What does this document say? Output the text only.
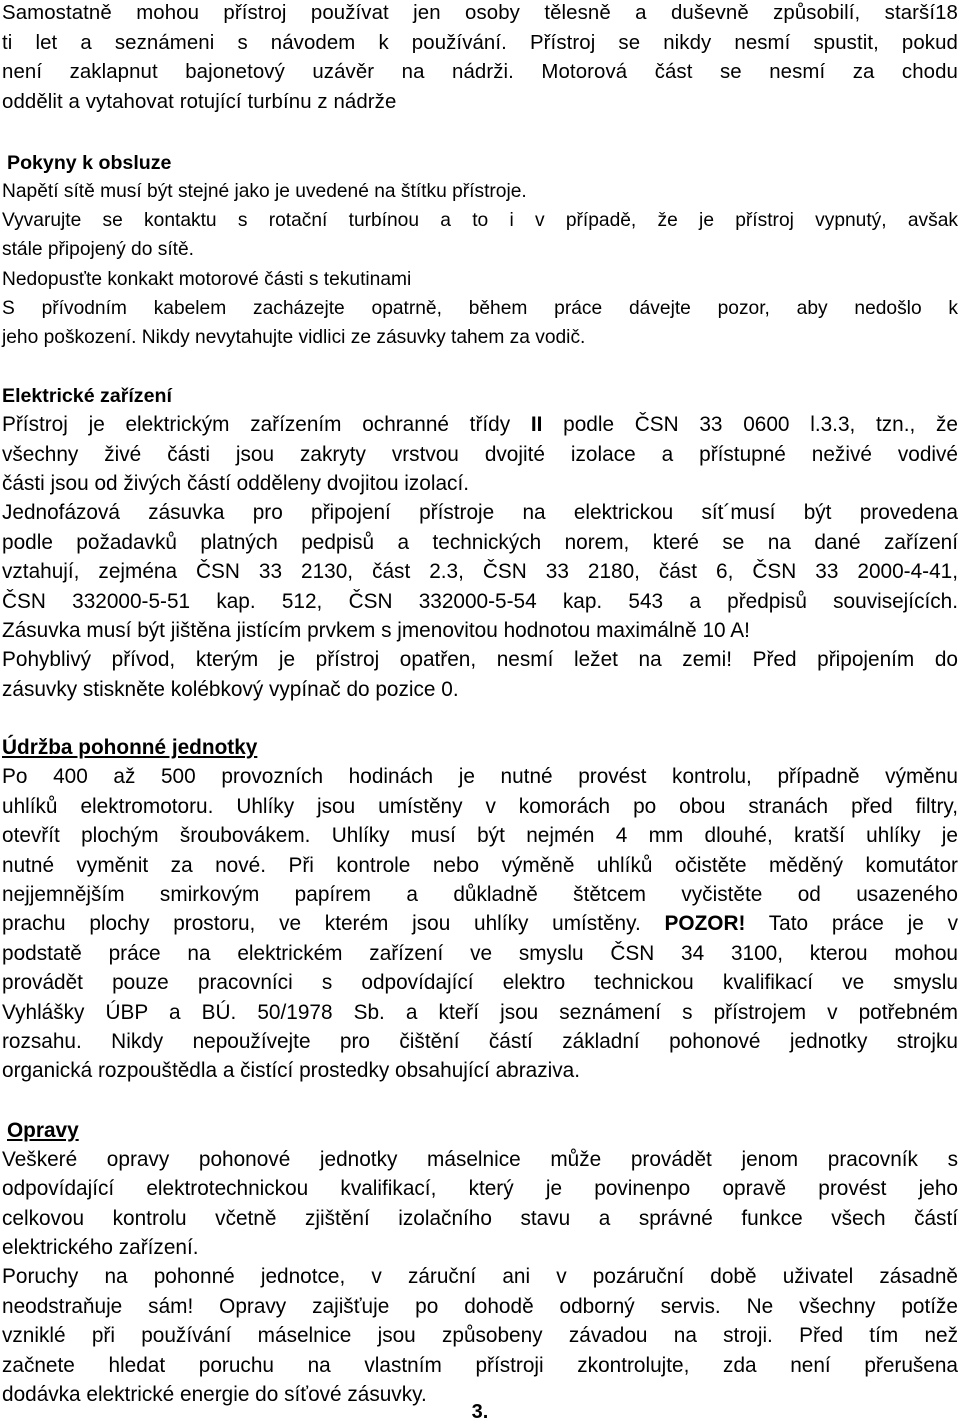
Samostatně mohou přístroj používat jen osoby tělesně a duševně způsobilí, starší18
ti let a seznámeni s návodem k používání. Přístroj se nikdy nesmí spustit, pokud
není zaklapnut bajonetový uzávěr na nádrži. Motorová část se nesmí za chodu
oddělit a vytahovat rotující turbínu z nádrže
Pokyny k obsluze
Napětí sítě musí být stejné jako je uvedené na štítku přístroje.
Vyvarujte se kontaktu s rotační turbínou a to i v případě, že je přístroj vypnutý, avšak
stále připojený do sítě.
Nedopusťte konkakt motorové části s tekutinami
S přívodním kabelem zacházejte opatrně, během práce dávejte pozor, aby nedošlo k
jeho poškození. Nikdy nevytahujte vidlici ze zásuvky tahem za vodič.
Elektrické zařízení
Přístroj je elektrickým zařízením ochranné třídy II podle ČSN 33 0600 l.3.3, tzn., že
všechny živé části jsou zakryty vrstvou dvojité izolace a přístupné neživé vodivé
části jsou od živých částí odděleny dvojitou izolací.
Jednofázová zásuvka pro připojení přístroje na elektrickou sít´musí být provedena
podle požadavků platných pedpisů a technických norem, které se na dané zařízení
vztahují, zejména ČSN 33 2130, část 2.3, ČSN 33 2180, část 6, ČSN 33 2000-4-41,
ČSN 332000-5-51 kap. 512, ČSN 332000-5-54 kap. 543 a předpisů souvisejících.
Zásuvka musí být jištěna jistícím prvkem s jmenovitou hodnotou maximálně 10 A!
Pohyblivý přívod, kterým je přístroj opatřen, nesmí ležet na zemi! Před připojením do
zásuvky stiskněte kolébkový vypínač do pozice 0.
Údržba pohonné jednotky
Po 400 až 500 provozních hodinách je nutné provést kontrolu, případně výměnu
uhlíků elektromotoru. Uhlíky jsou umístěny v komorách po obou stranách před filtry,
otevřít plochým šroubovákem. Uhlíky musí být nejmén 4 mm dlouhé, kratší uhlíky je
nutné vyměnit za nové. Při kontrole nebo výměně uhlíků očistěte měděný komutátor
nejjemnějším smirkovým papírem a důkladně štětcem vyčistěte od usazeného
prachu plochy prostoru, ve kterém jsou uhlíky umístěny. POZOR! Tato práce je v
podstatě práce na elektrickém zařízení ve smyslu ČSN 34 3100, kterou mohou
provádět pouze pracovníci s odpovídající elektro technickou kvalifikací ve smyslu
Vyhlášky ÚBP a BÚ. 50/1978 Sb. a kteří jsou seznámení s přístrojem v potřebném
rozsahu. Nikdy nepoužívejte pro čištění částí základní pohonové jednotky strojku
organická rozpouštědla a čistící prostedky obsahující abraziva.
Opravy
Veškeré opravy pohonové jednotky máselnice může provádět jenom pracovník s
odpovídající elektrotechnickou kvalifikací, který je povinenpo opravě provést jeho
celkovou kontrolu včetně zjištění izolačního stavu a správné funkce všech částí
elektrického zařízení.
Poruchy na pohonné jednotce, v záruční ani v pozáruční době uživatel zásadně
neodstraňuje sám! Opravy zajišťuje po dohodě odborný servis. Ne všechny potíže
vzniklé při používání máselnice jsou způsobeny závadou na stroji. Před tím než
začnete hledat poruchu na vlastním přístroji zkontrolujte, zda není přerušena
dodávka elektrické energie do síťové zásuvky.
3.
